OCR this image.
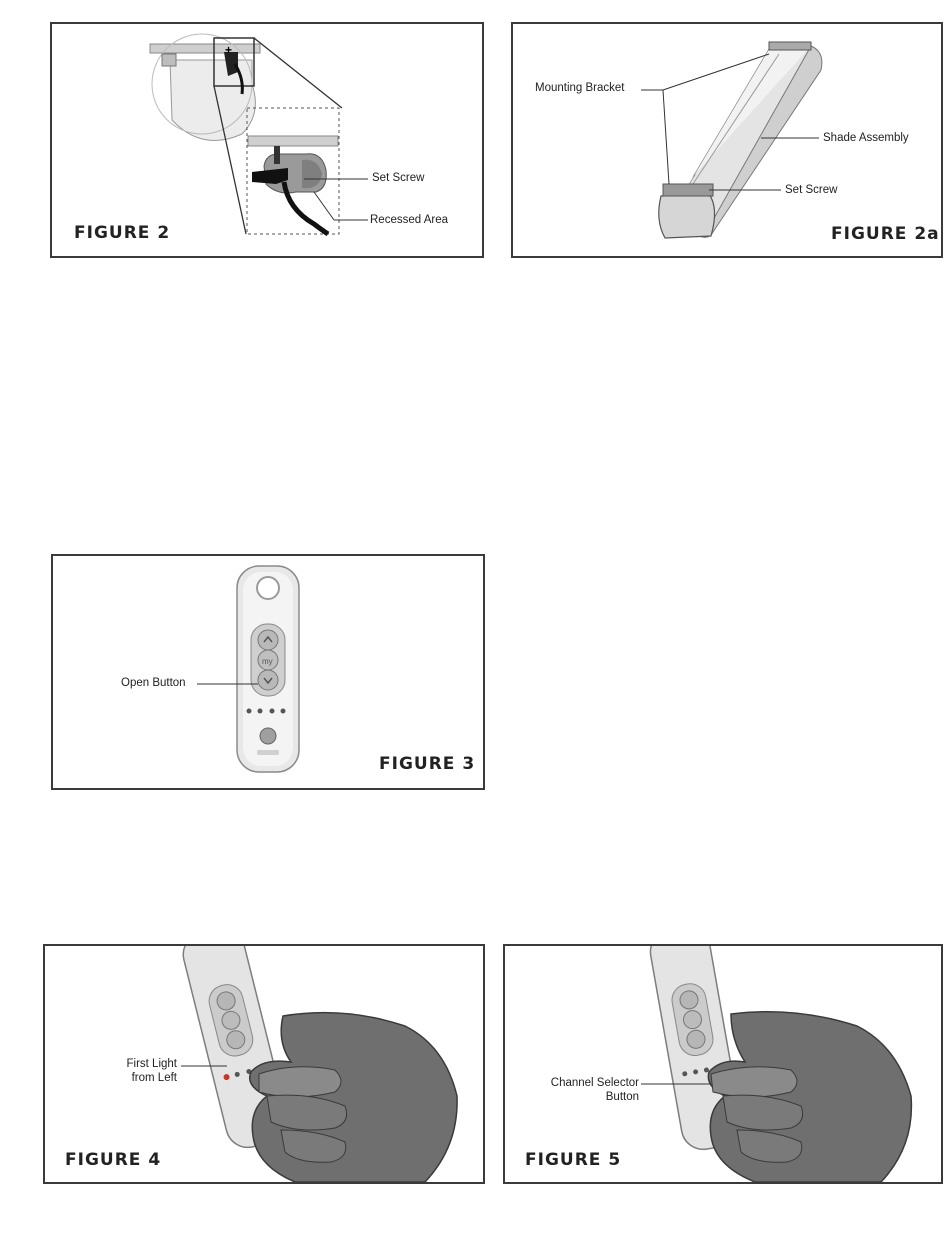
+
Set Screw
Recessed Area
FIGURE 2
Mounting Bracket
Shade Assembly
Set Screw
FIGURE 2a
my
Open Button
FIGURE 3
First Light
from Left
FIGURE 4
Channel Selector
Button
FIGURE 5
